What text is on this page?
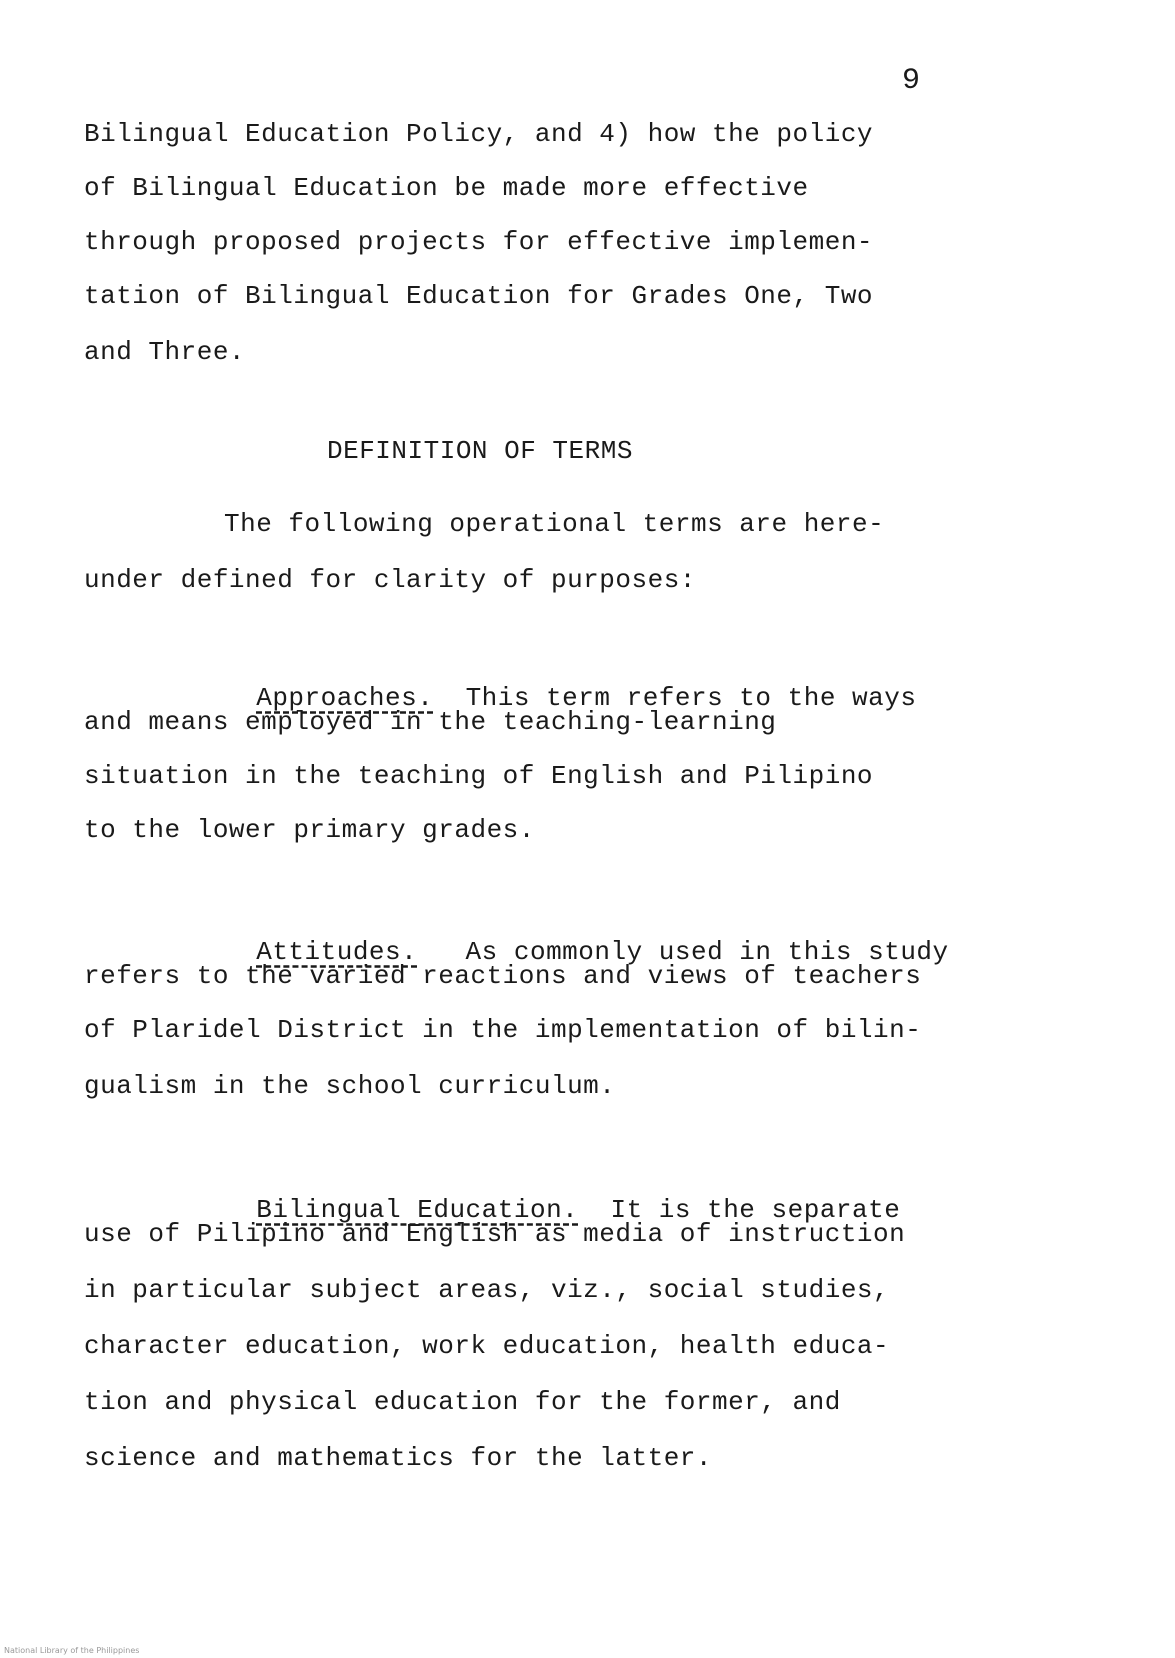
9
Bilingual Education Policy, and 4) how the policy
of Bilingual Education be made more effective
through proposed projects for effective implemen-
tation of Bilingual Education for Grades One, Two
and Three.
DEFINITION OF TERMS
The following operational terms are here-
under defined for clarity of purposes:

Approaches.  This term refers to the ways

and means employed in the teaching-learning
situation in the teaching of English and Pilipino
to the lower primary grades.

Attitudes.   As commonly used in this study

refers to the varied reactions and views of teachers
of Plaridel District in the implementation of bilin-
gualism in the school curriculum.

Bilingual Education.  It is the separate

use of Pilipino and English as media of instruction
in particular subject areas, viz., social studies,
character education, work education, health educa-
tion and physical education for the former, and
science and mathematics for the latter.
National Library of the Philippines
